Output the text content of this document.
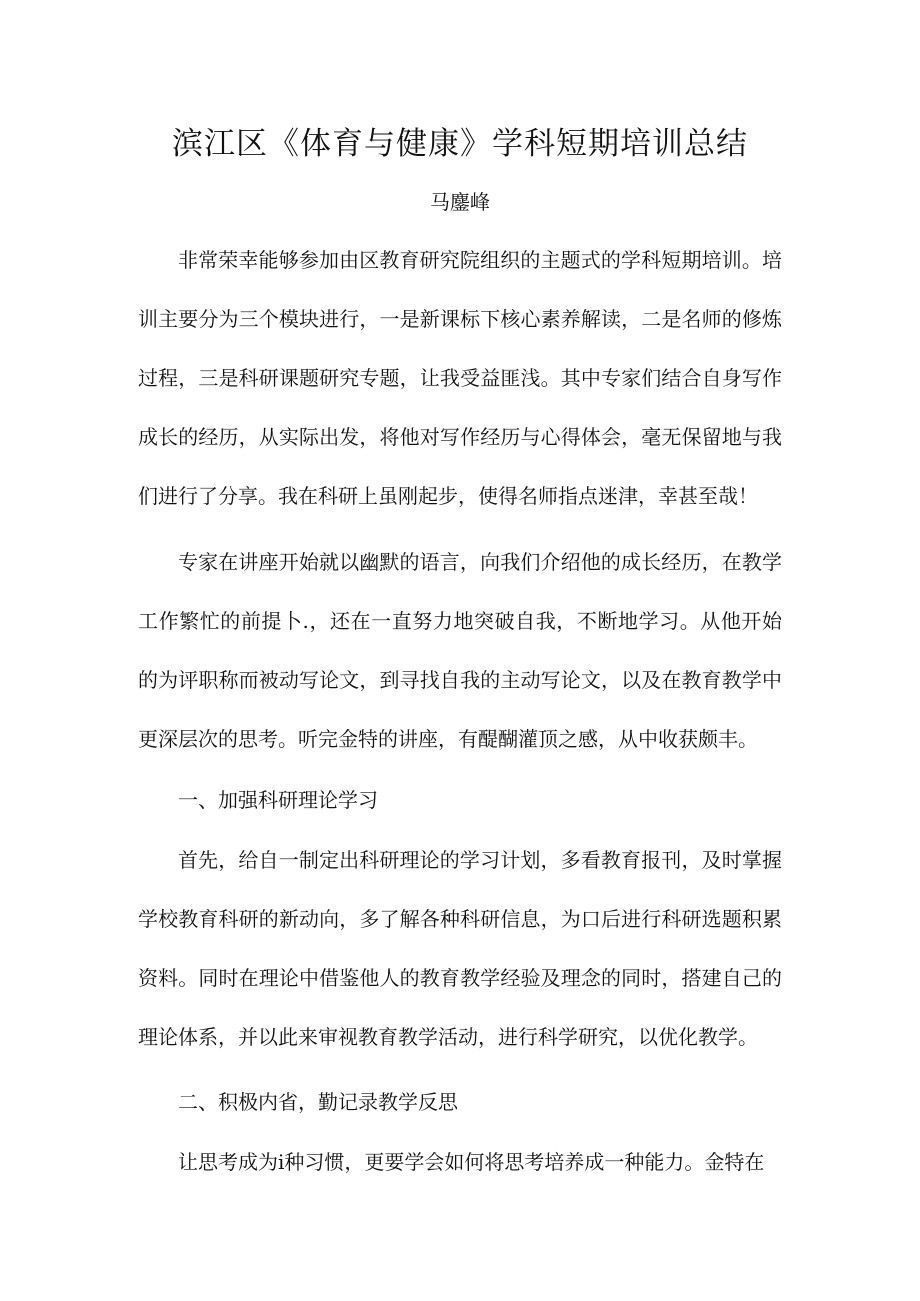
滨江区《体育与健康》学科短期培训总结
马鏖峰

非常荣幸能够参加由区教育研究院组织的主题式的学科短期培训。培训主要分为三个模块进行，一是新课标下核心素养解读，二是名师的修炼过程，三是科研课题研究专题，让我受益匪浅。其中专家们结合自身写作成长的经历，从实际出发，将他对写作经历与心得体会，毫无保留地与我们进行了分享。我在科研上虽刚起步，使得名师指点迷津，幸甚至哉！

专家在讲座开始就以幽默的语言，向我们介绍他的成长经历，在教学工作繁忙的前提卜.，还在一直努力地突破自我，不断地学习。从他开始的为评职称而被动写论文，到寻找自我的主动写论文，以及在教育教学中更深层次的思考。听完金特的讲座，有醍醐灌顶之感，从中收获颇丰。

一、加强科研理论学习

首先，给自一制定出科研理论的学习计划，多看教育报刊，及时掌握学校教育科研的新动向，多了解各种科研信息，为口后进行科研选题积累资料。同时在理论中借鉴他人的教育教学经验及理念的同时，搭建自己的理论体系，并以此来审视教育教学活动，进行科学研究，以优化教学。

二、积极内省，勤记录教学反思

让思考成为i种习惯，更要学会如何将思考培养成一种能力。金特在
